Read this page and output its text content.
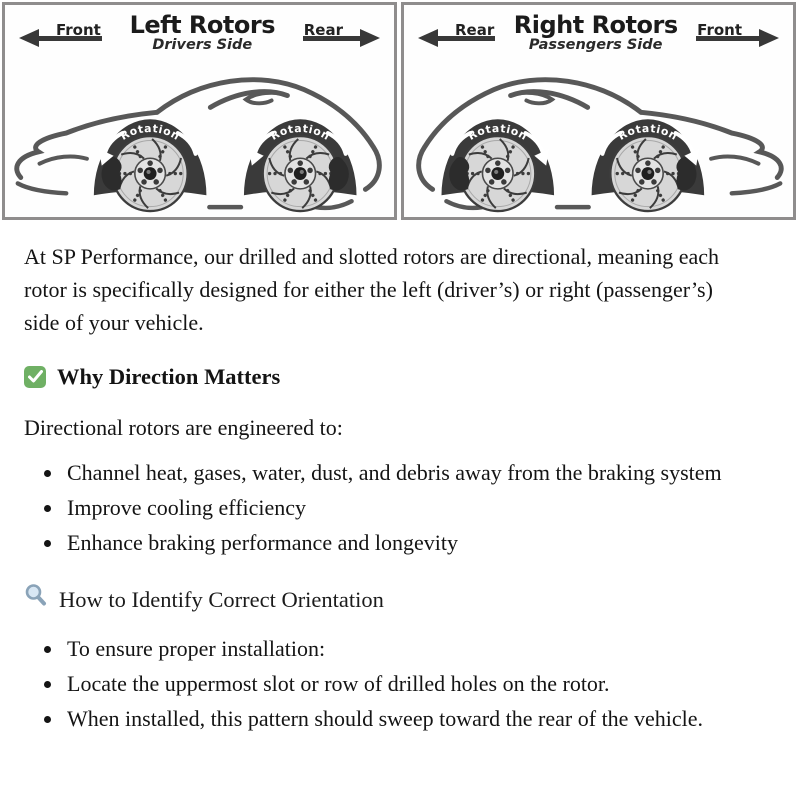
Front	Left Rotors
Drivers Side
Rear
Rotation	Rotation
Rear Right Rotors
Passengers Side
Front
Rotation	Rotation

At SP Performance, our drilled and slotted rotors are directional, meaning each rotor is specifically designed for either the left (driver’s) or right (passenger’s) side of your vehicle.

Why Direction Matters

Directional rotors are engineered to:

• Channel heat, gases, water, dust, and debris away from the braking system
• Improve cooling efficiency
• Enhance braking performance and longevity
How to Identify Correct Orientation
• To ensure proper installation:
• Locate the uppermost slot or row of drilled holes on the rotor.
• When installed, this pattern should sweep toward the rear of the vehicle.
